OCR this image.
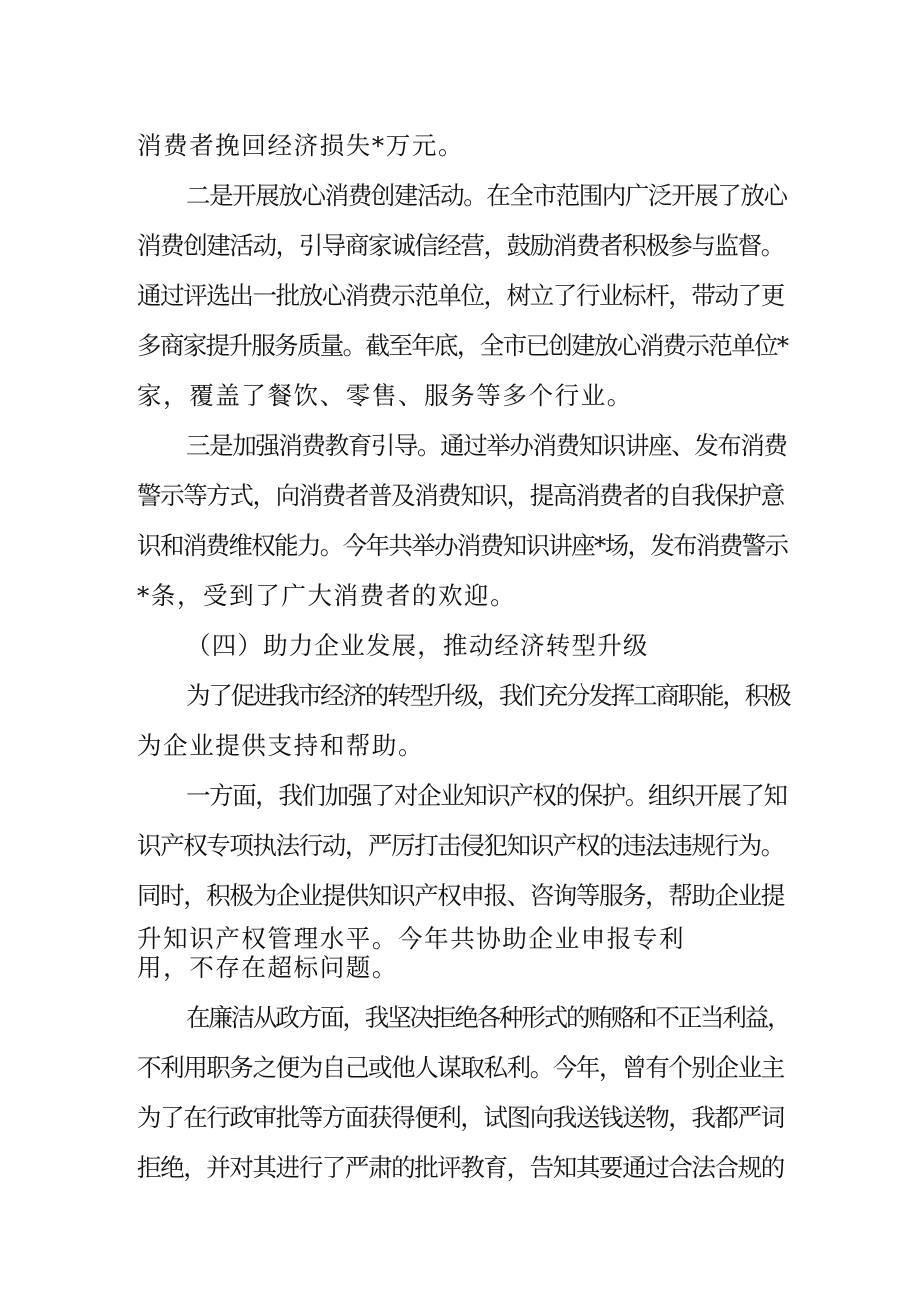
消费者挽回经济损失*万元。
二是开展放心消费创建活动。在全市范围内广泛开展了放心
消费创建活动，引导商家诚信经营，鼓励消费者积极参与监督。
通过评选出一批放心消费示范单位，树立了行业标杆，带动了更
多商家提升服务质量。截至年底，全市已创建放心消费示范单位*
家，覆盖了餐饮、零售、服务等多个行业。
三是加强消费教育引导。通过举办消费知识讲座、发布消费
警示等方式，向消费者普及消费知识，提高消费者的自我保护意
识和消费维权能力。今年共举办消费知识讲座*场，发布消费警示
*条，受到了广大消费者的欢迎。
（四）助力企业发展，推动经济转型升级
为了促进我市经济的转型升级，我们充分发挥工商职能，积极
为企业提供支持和帮助。
一方面，我们加强了对企业知识产权的保护。组织开展了知
识产权专项执法行动，严厉打击侵犯知识产权的违法违规行为。
同时，积极为企业提供知识产权申报、咨询等服务，帮助企业提
升知识产权管理水平。今年共协助企业申报专利
用，不存在超标问题。
在廉洁从政方面，我坚决拒绝各种形式的贿赂和不正当利益，
不利用职务之便为自己或他人谋取私利。今年，曾有个别企业主
为了在行政审批等方面获得便利，试图向我送钱送物，我都严词
拒绝，并对其进行了严肃的批评教育，告知其要通过合法合规的
